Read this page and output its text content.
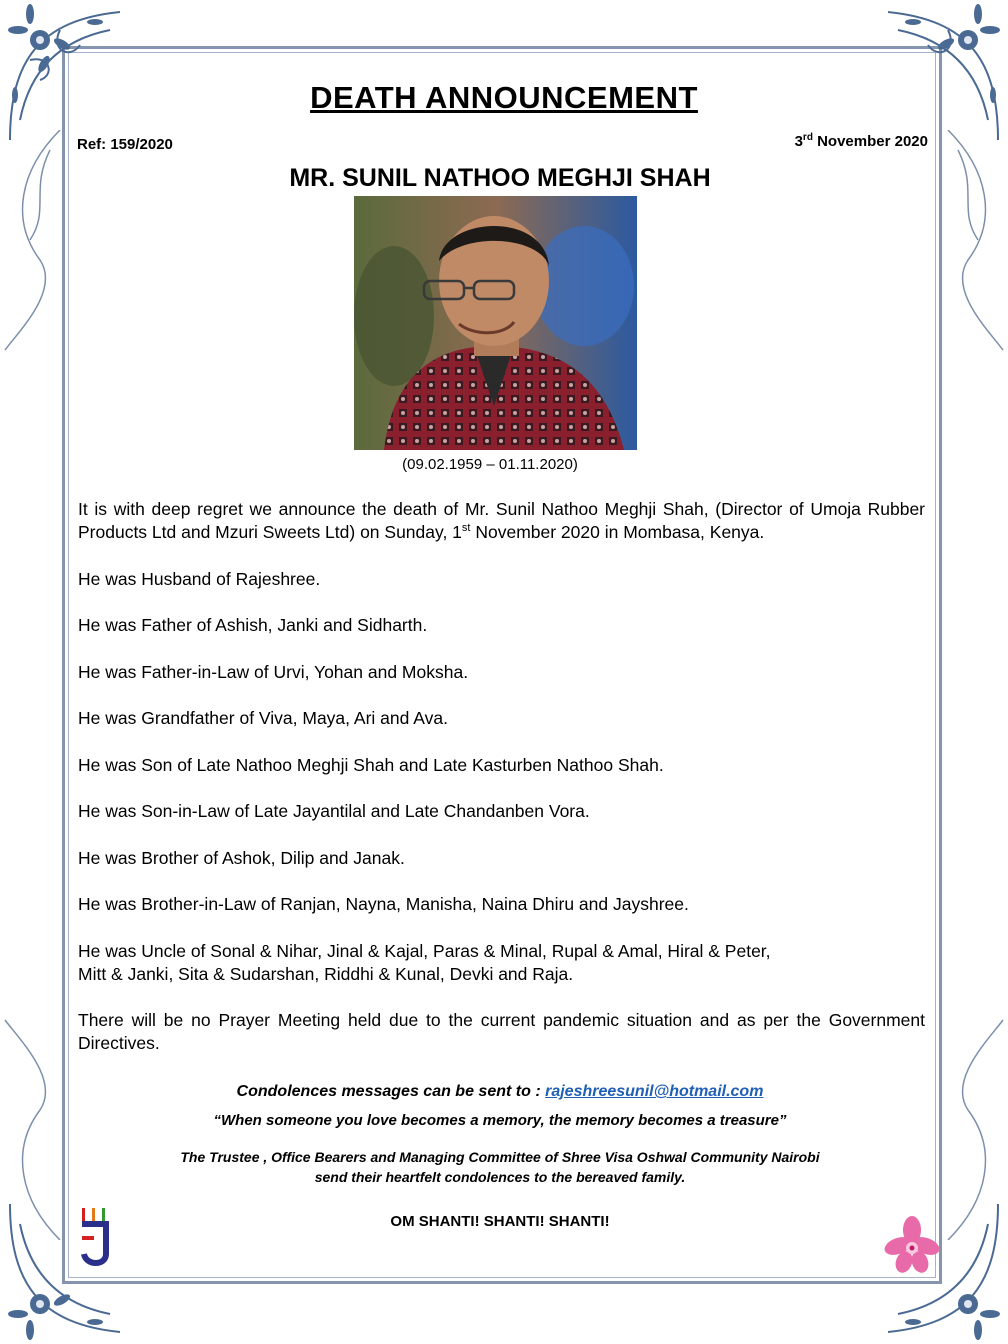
DEATH ANNOUNCEMENT
Ref: 159/2020	3rd November 2020
MR. SUNIL NATHOO MEGHJI SHAH
(09.02.1959 – 01.11.2020)

It is with deep regret we announce the death of Mr. Sunil Nathoo Meghji Shah, (Director of Umoja Rubber Products Ltd and Mzuri Sweets Ltd) on Sunday, 1st November 2020 in Mombasa, Kenya.

He was Husband of Rajeshree.

He was Father of Ashish, Janki and Sidharth.

He was Father-in-Law of Urvi, Yohan and Moksha.

He was Grandfather of Viva, Maya, Ari and Ava.

He was Son of Late Nathoo Meghji Shah and Late Kasturben Nathoo Shah.

He was Son-in-Law of Late Jayantilal and Late Chandanben Vora.

He was Brother of Ashok, Dilip and Janak.

He was Brother-in-Law of Ranjan, Nayna, Manisha, Naina Dhiru and Jayshree.

He was Uncle of Sonal & Nihar, Jinal & Kajal, Paras & Minal, Rupal & Amal, Hiral & Peter,
Mitt & Janki, Sita & Sudarshan, Riddhi & Kunal, Devki and Raja.

There will be no Prayer Meeting held due to the current pandemic situation and as per the Government Directives.

Condolences messages can be sent to : rajeshreesunil@hotmail.com
“When someone you love becomes a memory, the memory becomes a treasure”
The Trustee , Office Bearers and Managing Committee of Shree Visa Oshwal Community Nairobi
send their heartfelt condolences to the bereaved family.
OM SHANTI! SHANTI! SHANTI!
